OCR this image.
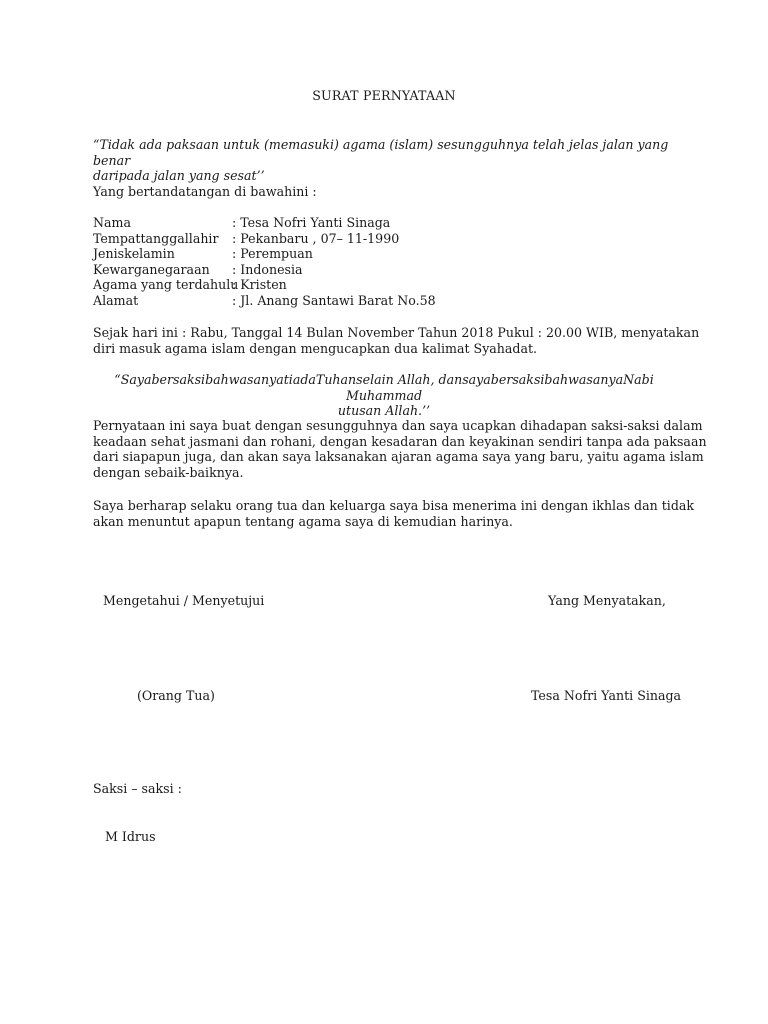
SURAT PERNYATAAN

“Tidak ada paksaan untuk (memasuki) agama (islam) sesungguhnya telah jelas jalan yang benar
daripada jalan yang sesat’’

Yang bertandatangan di bawahini :

Nama	: Tesa Nofri Yanti Sinaga
Tempattanggallahir : Pekanbaru , 07– 11-1990
Jeniskelamin	: Perempuan
Kewarganegaraan : Indonesia
Agama yang terdahulu: Kristen
Alamat	: Jl. Anang Santawi Barat No.58
Sejak hari ini : Rabu, Tanggal 14 Bulan November Tahun 2018 Pukul : 20.00 WIB, menyatakan
diri masuk agama islam dengan mengucapkan dua kalimat Syahadat.
“SayabersaksibahwasanyatiadaTuhanselain Allah, dansayabersaksibahwasanyaNabi Muhammad
utusan Allah.’’
Pernyataan ini saya buat dengan sesungguhnya dan saya ucapkan dihadapan saksi-saksi dalam
keadaan sehat jasmani dan rohani, dengan kesadaran dan keyakinan sendiri tanpa ada paksaan
dari siapapun juga, dan akan saya laksanakan ajaran agama saya yang baru, yaitu agama islam
dengan sebaik-baiknya.
Saya berharap selaku orang tua dan keluarga saya bisa menerima ini dengan ikhlas dan tidak
akan menuntut apapun tentang agama saya di kemudian harinya.

Mengetahui / Menyetujui	Yang Menyatakan,

(Orang Tua)	Tesa Nofri Yanti Sinaga

Saksi – saksi :

M Idrus
